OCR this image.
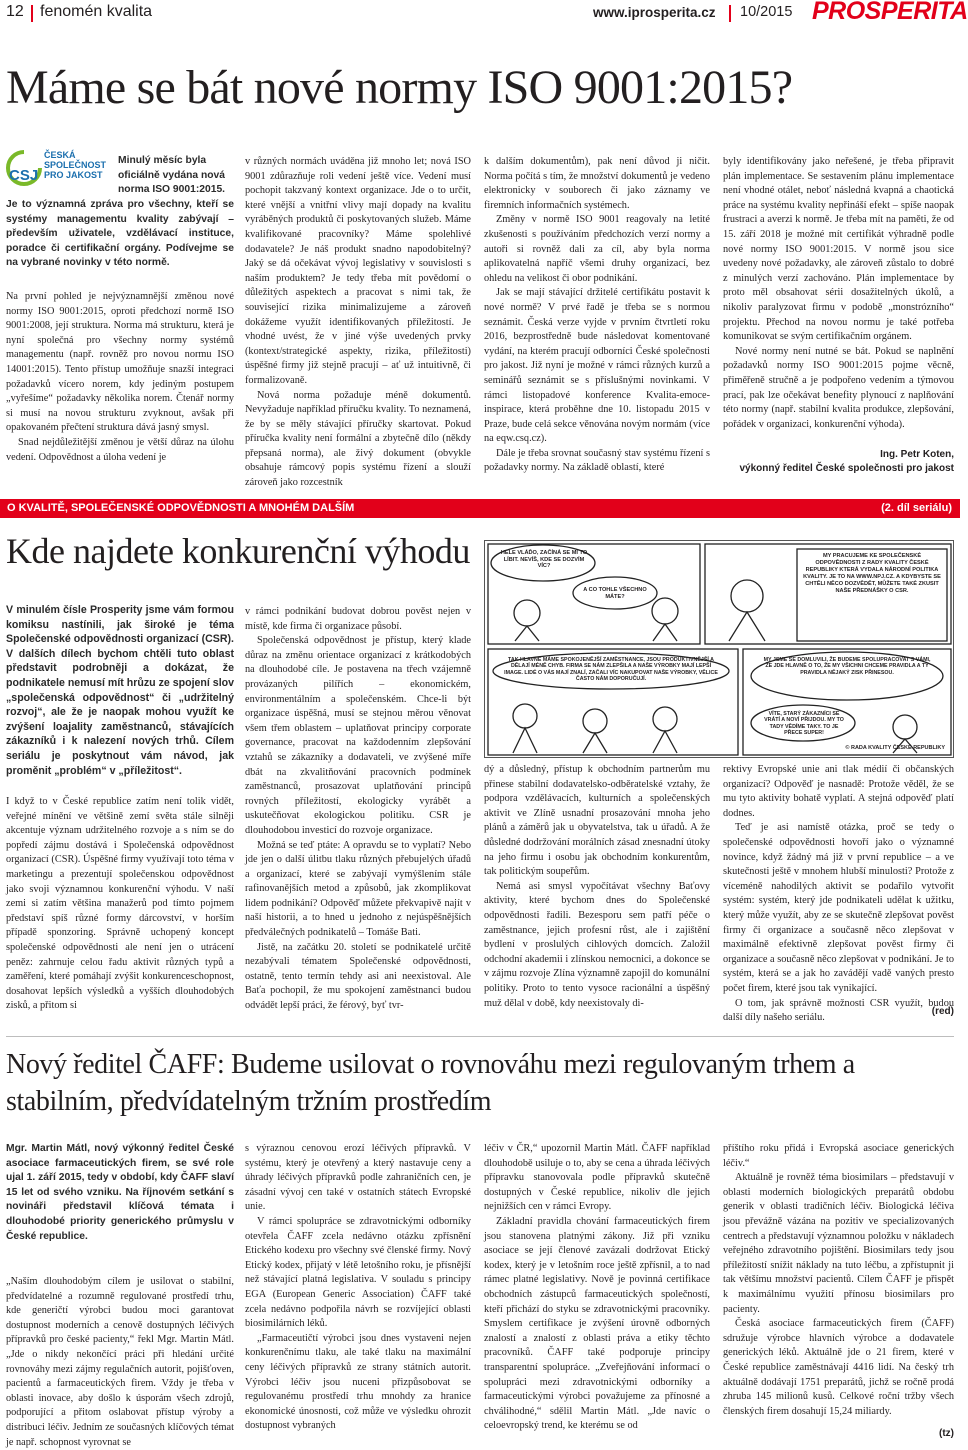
12 fenomén kvalita	www.iprosperita.cz 10/2015 PROSPERITA
Máme se bát nové normy ISO 9001:2015?
CSJ
ČESKÁ
SPOLEČNOST
PRO JAKOST
Minulý měsíc byla oficiálně vydána nová norma ISO 9001:2015.
Je to významná zpráva pro všechny, kteří se systémy managementu kvality zabývají – především uživatele, vzdělávací instituce, poradce či certifikační orgány. Podívejme se na vybrané novinky v této normě.

Na první pohled je nejvýznamnější změnou nové normy ISO 9001:2015, oproti předchozí normě ISO 9001:2008, její struktura. Norma má strukturu, která je nyní společná pro všechny normy systémů managementu (např. rovněž pro novou normu ISO 14001:2015). Tento přístup umožňuje snazší integraci požadavků vícero norem, kdy jediným postupem „vyřešíme“ požadavky několika norem. Čtenář normy si musí na novou strukturu zvyknout, avšak při opakovaném přečtení struktura dává jasný smysl.

Snad nejdůležitější změnou je větší důraz na úlohu vedení. Odpovědnost a úloha vedení je

v různých normách uváděna již mnoho let; nová ISO 9001 zdůrazňuje roli vedení ještě více. Vedení musí pochopit takzvaný kontext organizace. Jde o to určit, které vnější a vnitřní vlivy mají dopady na kvalitu vyráběných produktů či poskytovaných služeb. Máme kvalifikované pracovníky? Máme spolehlivé dodavatele? Je náš produkt snadno napodobitelný? Jaký se dá očekávat vývoj legislativy v souvislosti s naším produktem? Je tedy třeba mít povědomí o důležitých aspektech a pracovat s nimi tak, že související rizika minimalizujeme a zároveň dokážeme využít identifikovaných příležitostí. Je vhodné uvést, že v jiné výše uvedených prvky (kontext/strategické aspekty, rizika, příležitosti) úspěšné firmy již stejně pracují – ať už intuitivně, či formalizovaně.

Nová norma požaduje méně dokumentů. Nevyžaduje například příručku kvality. To neznamená, že by se měly stávající příručky skartovat. Pokud příručka kvality není formální a zbytečně dílo (někdy přepsaná norma), ale živý dokument (obvykle obsahuje rámcový popis systému řízení a slouží zároveň jako rozcestník

k dalším dokumentům), pak není důvod ji ničit. Norma počítá s tím, že množství dokumentů je vedeno elektronicky v souborech či jako záznamy ve firemních informačních systémech.

Změny v normě ISO 9001 reagovaly na letité zkušenosti s používáním předchozích verzí normy a autoři si rovněž dali za cíl, aby byla norma aplikovatelná napříč všemi druhy organizací, bez ohledu na velikost či obor podnikání.

Jak se mají stávající držitelé certifikátu postavit k nové normě? V prvé řadě je třeba se s normou seznámit. Česká verze vyjde v prvním čtvrtletí roku 2016, bezprostředně bude následovat komentované vydání, na kterém pracují odborníci České společnosti pro jakost. Již nyní je možné v rámci různých kurzů a seminářů seznámit se s příslušnými novinkami. V rámci listopadové konference Kvalita-emoce-inspirace, která proběhne dne 10. listopadu 2015 v Praze, bude celá sekce věnována novým normám (více na eqw.csq.cz).

Dále je třeba srovnat současný stav systému řízení s požadavky normy. Na základě oblastí, které

byly identifikovány jako neřešené, je třeba připravit plán implementace. Se sestavením plánu implementace není vhodné otálet, neboť následná kvapná a chaotická práce na systému kvality nepřináší efekt – spíše naopak frustraci a averzi k normě. Je třeba mít na paměti, že od 15. září 2018 je možné mít certifikát výhradně podle nové normy ISO 9001:2015. V normě jsou sice uvedeny nové požadavky, ale zároveň zůstalo to dobré z minulých verzí zachováno. Plán implementace by proto měl obsahovat sérii dosažitelných úkolů, a nikoliv paralyzovat firmu v podobě „monstrózního“ projektu. Přechod na novou normu je také potřeba komunikovat se svým certifikačním orgánem.

Nové normy není nutné se bát. Pokud se naplnění požadavků normy ISO 9001:2015 pojme věcně, přiměřeně stručně a je podpořeno vedením a týmovou prací, pak lze očekávat benefity plynoucí z naplňování této normy (např. stabilní kvalita produkce, zlepšování, pořádek v organizaci, konkurenční výhoda).

Ing. Petr Koten,
výkonný ředitel České společnosti pro jakost
O KVALITĚ, SPOLEČENSKÉ ODPOVĚDNOSTI A MNOHÉM DALŠÍM	(2. díl seriálu)
Kde najdete konkurenční výhodu
V minulém čísle Prosperity jsme vám formou komiksu nastínili, jak široké je téma Společenské odpovědnosti organizací (CSR). V dalších dílech bychom chtěli tuto oblast představit podrobněji a dokázat, že podnikatele nemusí mít hrůzu ze spojení slov „společenská odpovědnost“ či „udržitelný rozvoj“, ale že je naopak mohou využít ke zvýšení loajality zaměstnanců, stávajících zákazníků i k nalezení nových trhů. Cílem seriálu je poskytnout vám návod, jak proměnit „problém“ v „příležitost“.

I když to v České republice zatím není tolik vidět, veřejné mínění ve většině zemí světa stále silněji akcentuje význam udržitelného rozvoje a s ním se do popředí zájmu dostává i Společenská odpovědnost organizací (CSR). Úspěšné firmy využívají toto téma v marketingu a prezentují společenskou odpovědnost jako svoji významnou konkurenční výhodu. V naší zemi si zatím většina manažerů pod tímto pojmem představí spíš různé formy dárcovství, v horším případě sponzoring. Správně uchopený koncept společenské odpovědnosti ale není jen o utrácení peněz: zahrnuje celou řadu aktivit různých typů a zaměření, které pomáhají zvýšit konkurenceschopnost, dosahovat lepších výsledků a vyšších dlouhodobých zisků, a přitom si

v rámci podnikání budovat dobrou pověst nejen v místě, kde firma či organizace působí.

Společenská odpovědnost je přístup, který klade důraz na změnu orientace organizací z krátkodobých na dlouhodobé cíle. Je postavena na třech vzájemně provázaných pilířích – ekonomickém, environmentálním a společenském. Chce-li být organizace úspěšná, musí se stejnou měrou věnovat všem třem oblastem – uplatňovat principy corporate governance, pracovat na každodenním zlepšování vztahů se zákazníky a dodavateli, ve zvýšené míře dbát na zkvalitňování pracovních podmínek zaměstnanců, prosazovat uplatňování principů rovných příležitostí, ekologicky vyrábět a uskutečňovat ekologickou politiku. CSR je dlouhodobou investicí do rozvoje organizace.

Možná se teď ptáte: A opravdu se to vyplatí? Nebo jde jen o další úlitbu tlaku různých přebujelých úřadů a organizací, které se zabývají vymýšlením stále rafinovanějších metod a způsobů, jak zkomplikovat lidem podnikání? Odpověď můžete překvapivě najít v naší historii, a to hned u jednoho z nejúspěšnějších předválečných podnikatelů – Tomáše Bati.

Jistě, na začátku 20. století se podnikatelé určitě nezabývali tématem Společenské odpovědnosti, ostatně, tento termín tehdy asi ani neexistoval. Ale Baťa pochopil, že mu spokojení zaměstnanci budou odvádět lepší práci, že férový, byť tvr-

HELE VLÁĎO, ZAČÍNÁ SE MI TO LÍBIT. NEVÍŠ, KDE SE DOZVÍM VÍC?
A CO TOHLE VŠECHNO MÁTE?
MY PRACUJEME KE SPOLEČENSKÉ ODPOVĚDNOSTI Z RADY KVALITY ČESKÉ REPUBLIKY KTERÁ VYDALA NÁRODNÍ POLITIKA KVALITY. JE TO NA WWW.NPJ.CZ. A KDYBYSTE SE CHTĚLI NĚCO DOZVĚDĚT, MŮŽETE TAKÉ ZKUSIT NAŠE PŘEDNÁŠKY O CSR.
TAK HLAVNĚ MÁME SPOKOJENĚJŠÍ ZAMĚSTNANCE, JSOU PRODUKTIVNĚJŠÍ A DĚLAJÍ MÉNĚ CHYB. FIRMA SE NÁM ZLEPŠILA A NAŠE VÝROBKY MAJÍ LEPŠÍ IMAGE. LIDÉ O VÁS MAJÍ ZNALÍ, ZAČALI VÍC NAKUPOVAT NAŠE VÝROBKY, VĚLICE ČASTO NÁM DOPORUČUJÍ.
MY JSME SE DOMLUVILI, ŽE BUDEME SPOLUPRACOVAT S VÁMI, ŽE JDE HLAVNĚ O TO, ŽE MY VŠICHNI CHCEME PRAVIDLA A TY PRAVIDLA NĚJAKÝ ZISK PŘINESOU.
VÍTE, STARÝ ZÁKAZNÍCI SE VRÁTÍ A NOVÍ PŘIJDOU. MY TO TADY VĚDÍME TAKY. TO JE PŘECE SUPER!
© RADA KVALITY ČESKÉ REPUBLIKY

dý a důsledný, přístup k obchodním partnerům mu přinese stabilní dodavatelsko-odběratelské vztahy, že podpora vzdělávacích, kulturních a společenských aktivit ve Zlíně usnadní prosazování mnoha jeho plánů a záměrů jak u obyvatelstva, tak u úřadů. A že důsledné dodržování morálních zásad znesnadní útoky na jeho firmu i osobu jak obchodním konkurentům, tak politickým soupeřům.

Nemá asi smysl vypočítávat všechny Baťovy aktivity, které bychom dnes do Společenské odpovědnosti řadili. Bezesporu sem patří péče o zaměstnance, jejich profesní růst, ale i zajištění bydlení v proslulých cihlových domcích. Založil odchodní akademii i zlínskou nemocnici, a dokonce se v zájmu rozvoje Zlína významně zapojil do komunální politiky. Proto to tento vysoce racionální a úspěšný muž dělal v době, kdy neexistovaly di-

rektivy Evropské unie ani tlak médií či občanských organizací? Odpověď je nasnadě: Protože věděl, že se mu tyto aktivity bohatě vyplatí. A stejná odpověď platí dodnes.

Teď je asi namístě otázka, proč se tedy o společenské odpovědnosti hovoří jako o významné novince, když žádný má již v první republice – a ve skutečnosti ještě v mnohem hlubší minulosti? Protože z víceméně nahodilých aktivit se podařilo vytvořit systém: systém, který jde podnikateli udělat k užitku, který může využít, aby ze se skutečně zlepšovat pověst firmy či organizace a současně něco zlepšovat v maximálně efektivně zlepšovat pověst firmy či organizace a současně něco zlepšovat v podnikání. Je to systém, která se a jak ho zavádějí vadě vaných presto počet firem, které jsou tak vynikající.

O tom, jak správně možnosti CSR využít, budou další díly našeho seriálu.

(red)
Nový ředitel ČAFF: Budeme usilovat o rovnováhu mezi regulovaným trhem a stabilním, předvídatelným tržním prostředím
Mgr. Martin Mátl, nový výkonný ředitel České asociace farmaceutických firem, se své role ujal 1. září 2015, tedy v období, kdy ČAFF slaví 15 let od svého vzniku. Na říjnovém setkání s novináři představil klíčová témata i dlouhodobé priority generického průmyslu v České republice.

„Naším dlouhodobým cílem je usilovat o stabilní, předvídatelné a rozumně regulované prostředí trhu, kde generičtí výrobci budou moci garantovat dostupnost moderních a cenově dostupných léčivých přípravků pro české pacienty,“ řekl Mgr. Martin Mátl. „Jde o nikdy nekončící práci při hledání určité rovnováhy mezi zájmy regulačních autorit, pojišťoven, pacientů a farmaceutických firem. Vždy je třeba v oblasti inovace, aby došlo k úsporám všech zdrojů, podporující a přitom oslabovat přístup výroby a distribuci léčiv. Jedním ze současných klíčových témat je např. schopnost vyrovnat se

s výraznou cenovou erozí léčivých přípravků. V systému, který je otevřený a který nastavuje ceny a úhrady léčivých přípravků podle zahraničních cen, je zásadní vývoj cen také v ostatních státech Evropské unie.

V rámci spolupráce se zdravotnickými odborníky otevřela ČAFF zcela nedávno otázku zpřísnění Etického kodexu pro všechny své členské firmy. Nový Etický kodex, přijatý v létě letošního roku, je přísnější než stávající platná legislativa. V souladu s principy EGA (European Generic Association) ČAFF také zcela nedávno podpořila návrh se rozvíjející oblasti biosimilárních léků.

„Farmaceutičtí výrobci jsou dnes vystaveni nejen konkurenčnímu tlaku, ale také tlaku na maximální ceny léčivých přípravků ze strany státních autorit. Výrobci léčiv jsou nuceni přizpůsobovat se regulovanému prostředí trhu mnohdy za hranice ekonomické únosnosti, což může ve výsledku ohrozit dostupnost vybraných

léčiv v ČR,“ upozornil Martin Mátl. ČAFF například dlouhodobě usiluje o to, aby se cena a úhrada léčivých přípravku stanovovala podle přípravků skutečně dostupných v České republice, nikoliv dle jejich nejnižších cen v rámci Evropy.

Základní pravidla chování farmaceutických firem jsou stanovena platnými zákony. Již při vzniku asociace se její členové zavázali dodržovat Etický kodex, který je v letošním roce ještě zpřísnil, a to nad rámec platné legislativy. Nově je povinná certifikace obchodních zástupců farmaceutických společností, kteří přichází do styku se zdravotnickými pracovníky. Smyslem certifikace je zvýšení úrovně odborných znalostí a znalostí z oblasti práva a etiky těchto pracovníků. ČAFF také podporuje principy transparentní spolupráce. „Zveřejňování informací o spolupráci mezi zdravotnickými odborníky a farmaceutickými výrobci považujeme za přínosné a chválihodné,“ sdělil Martin Mátl. „Jde navíc o celoevropský trend, ke kterému se od

příštího roku přidá i Evropská asociace generických léčiv.“

Aktuálně je rovněž téma biosimilars – představují v oblasti moderních biologických preparátů obdobu generik v oblasti tradičních léčiv. Biologická léčiva jsou převážně vázána na pozitiv ve specializovaných centrech a představují významnou položku v nákladech veřejného zdravotního pojištění. Biosimilars tedy jsou příležitostí snížit náklady na tuto léčbu, a zpřístupnit ji tak většímu množství pacientů. Cílem ČAFF je přispět k maximálnímu využití přínosu biosimilars pro pacienty.

Česká asociace farmaceutických firem (ČAFF) sdružuje výrobce hlavních výrobce a dodavatele generických léků. Aktuálně jde o 21 firem, které v České republice zaměstnávají 4416 lidí. Na český trh aktuálně dodávají 1751 preparátů, jichž se ročně prodá zhruba 145 milionů kusů. Celkové roční tržby všech členských firem dosahují 15,24 miliardy.

(tz)
